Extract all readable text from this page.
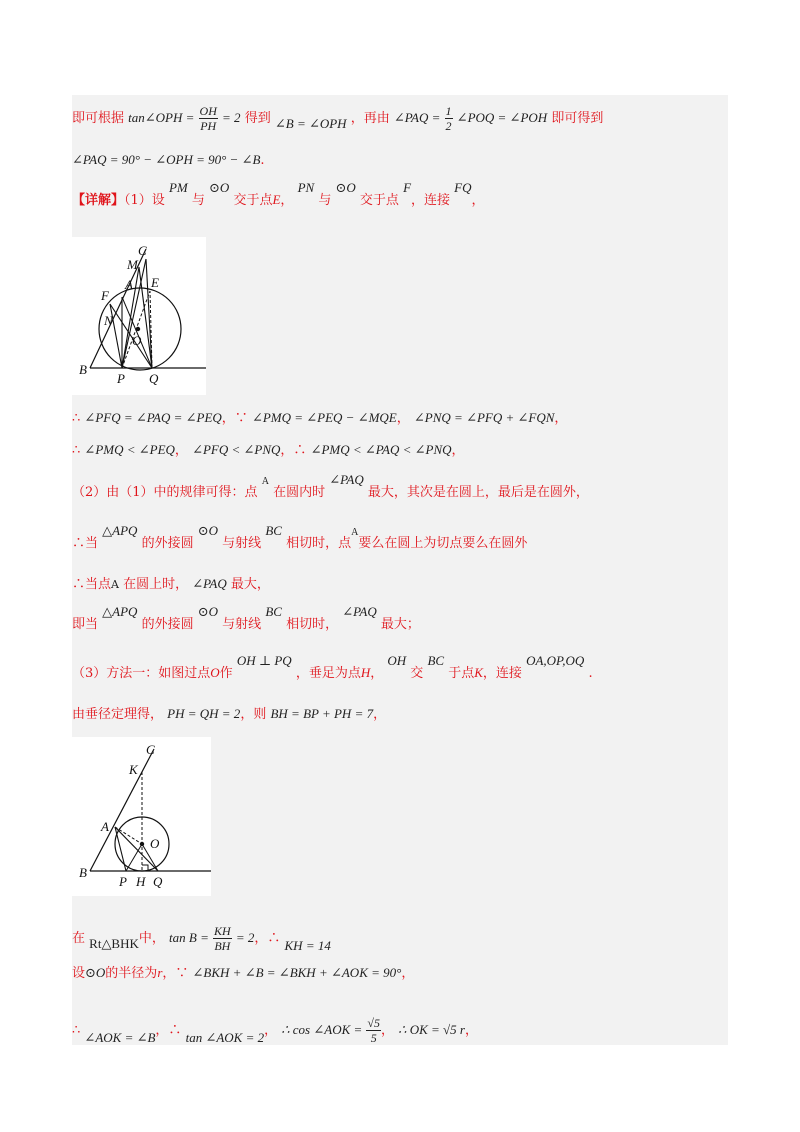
即可根据 tan∠OPH = $\frac{OH}{PH} = 2$ 得到 ∠B = ∠OPH ，再由 ∠PAQ = $\frac{1}{2}$ ∠POQ = ∠POH 即可得到
∠PAQ = 90° − ∠OPH = 90° − ∠B.
【详解】（1）设 PM 与 ⊙O 交于点E， PN 与 ⊙O 交于点 F，连接 FQ，
C
M
A E
F
N
O
B
P Q
∴ ∠PFQ = ∠PAQ = ∠PEQ，∵ ∠PMQ = ∠PEQ − ∠MQE， ∠PNQ = ∠PFQ + ∠FQN，
∴ ∠PMQ < ∠PEQ， ∠PFQ < ∠PNQ，∴ ∠PMQ < ∠PAQ < ∠PNQ，
（2）由（1）中的规律可得：点 $^A$ 在圆内时 ∠PAQ 最大，其次是在圆上，最后是在圆外，
∴当 △APQ 的外接圆 ⊙O 与射线 BC 相切时，点$^A$要么在圆上为切点要么在圆外
∴当点A 在圆上时， ∠PAQ 最大，
即当 △APQ 的外接圆 ⊙O 与射线 BC 相切时， ∠PAQ 最大；
（3）方法一：如图过点O作 OH ⊥ PQ ，垂足为点H， OH 交 BC 于点K，连接 OA,OP,OQ .
由垂径定理得， PH = QH = 2，则 BH = BP + PH = 7，
C
K
A
O
B
P H Q
在 Rt△BHK中， $\tan B = \frac{KH}{BH} = 2$，∴ KH = 14
设⊙O的半径为r，∵ ∠BKH + ∠B = ∠BKH + ∠AOK = 90°，
∴ ∠AOK = ∠B，∴ tan ∠AOK = 2， ∴ cos ∠AOK = $\frac{√5}{5}$ ， ∴ OK = √5 r，
